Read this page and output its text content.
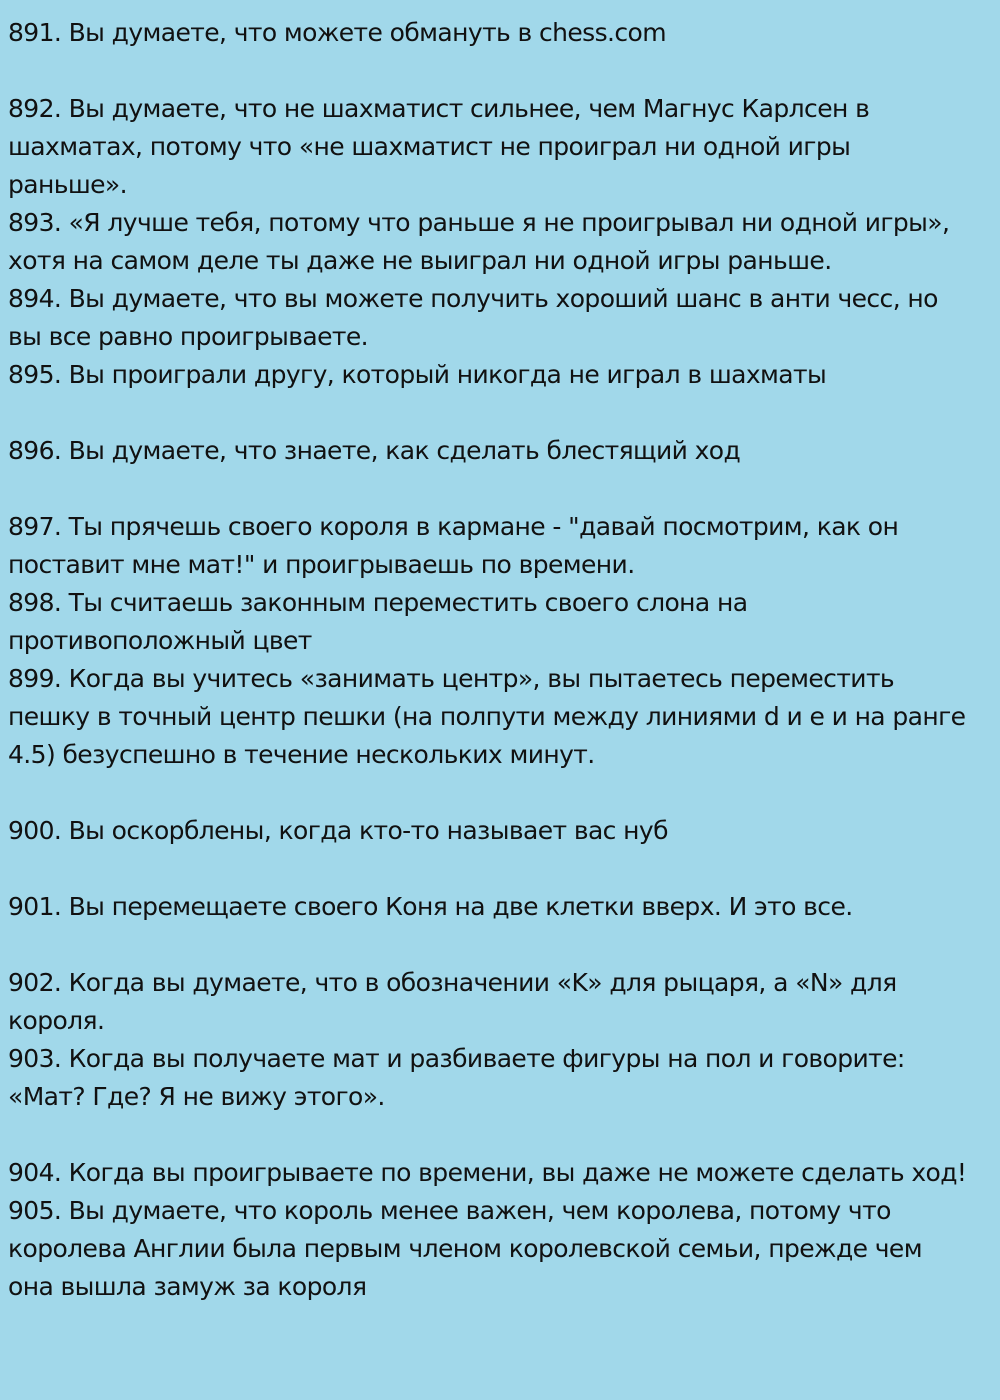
891. Вы думаете, что можете обмануть в chess.com
892. Вы думаете, что не шахматист сильнее, чем Магнус Карлсен в
шахматах, потому что «не шахматист не проиграл ни одной игры
раньше».
893. «Я лучше тебя, потому что раньше я не проигрывал ни одной игры»,
хотя на самом деле ты даже не выиграл ни одной игры раньше.
894. Вы думаете, что вы можете получить хороший шанс в анти чесс, но
вы все равно проигрываете.
895. Вы проиграли другу, который никогда не играл в шахматы
896. Вы думаете, что знаете, как сделать блестящий ход
897. Ты прячешь своего короля в кармане - "давай посмотрим, как он
поставит мне мат!" и проигрываешь по времени.
898. Ты считаешь законным переместить своего слона на
противоположный цвет
899. Когда вы учитесь «занимать центр», вы пытаетесь переместить
пешку в точный центр пешки (на полпути между линиями d и e и на ранге
4.5) безуспешно в течение нескольких минут.
900. Вы оскорблены, когда кто-то называет вас нуб
901. Вы перемещаете своего Коня на две клетки вверх. И это все.
902. Когда вы думаете, что в обозначении «K» для рыцаря, а «N» для
короля.
903. Когда вы получаете мат и разбиваете фигуры на пол и говорите:
«Мат? Где? Я не вижу этого».
904. Когда вы проигрываете по времени, вы даже не можете сделать ход!
905. Вы думаете, что король менее важен, чем королева, потому что
королева Англии была первым членом королевской семьи, прежде чем
она вышла замуж за короля
